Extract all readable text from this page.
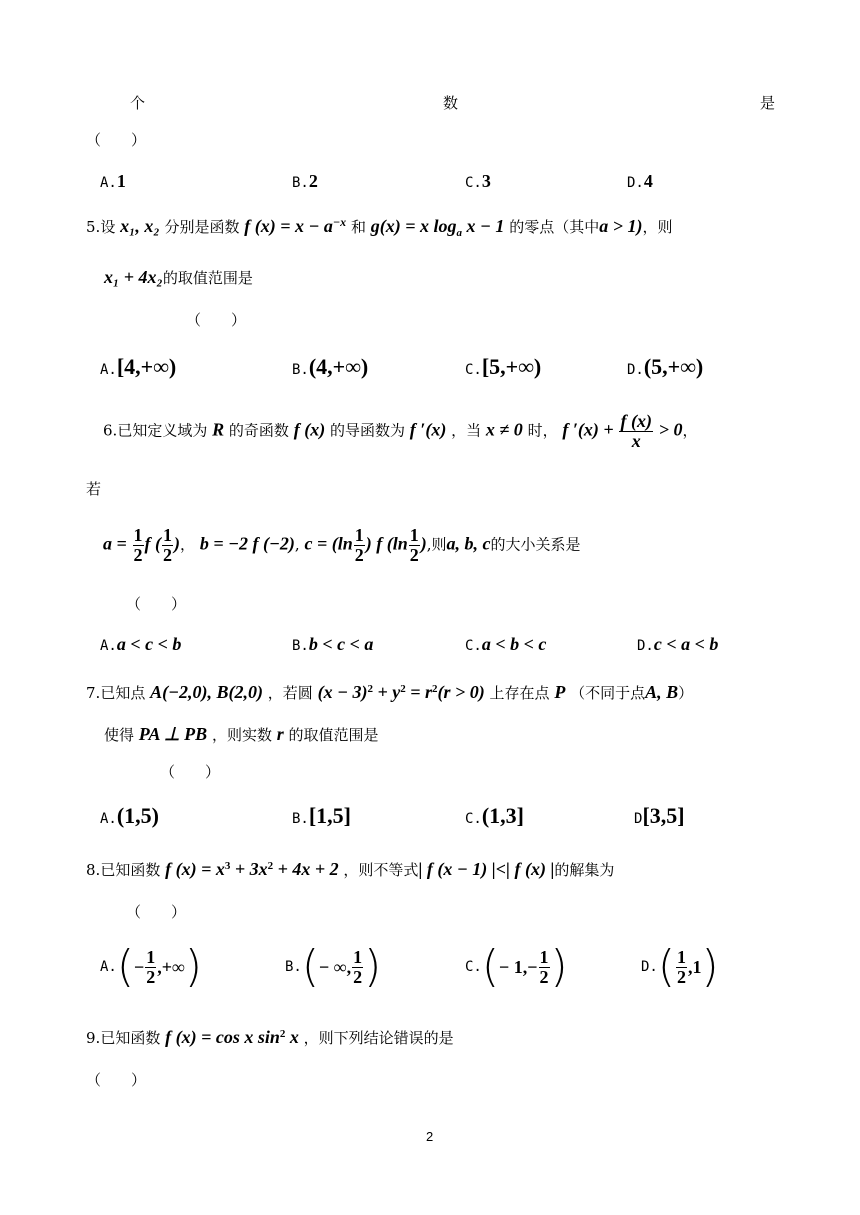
个	数	是
（　　）
A.1	B.2	C.3	D.4
5.设 x₁, x₂ 分别是函数 f $(x) = x - a^{-x}$ 和 g(x) = x $\log_a x - 1$ 的零点（其中a > 1)，则
x₁ + 4x₂的取值范围是
（　　）
A.[4,+∞)	B.(4,+∞)	C.[5,+∞)	D.(5,+∞)
6.已知定义域为 R 的奇函数 f (x) 的导函数为 f ′(x) ，当 x ≠ 0 时， f $'(x) + \frac{f (x)}{x} > 0$，
若
$a = \frac{1}{2}$ f ( $\frac{1}{2}$ )， b = −2 f (−2), $c = (\ln \frac{1}{2}$ ) f ($\ln \frac{1}{2}$ ),则a, b, c的大小关系是
（　　）
A.a < c < b	B.b < c < a	C.a < b < c	D.c < a < b
7.已知点 A(−2,0), B(2,0) ，若圆 $(x - 3)^2 + y^2 = r^2(r > 0)$ 上存在点 P （不同于点A, B）
使得 PA ⊥ PB ，则实数 r 的取值范围是
（　　）
A.(1,5)	B.[1,5]	C.(1,3]	D[3,5]
8.已知函数 f $(x) = x^3 + 3x^2 + 4x + 2$ ，则不等式| f (x − 1) |<| f (x) |的解集为
（　　）
A. ( − $\frac{1}{2}$ ,+∞ )	B. ( − ∞, $\frac{1}{2}$ )	C. ( − $1,- \frac{1}{2}$ )	D. ( $\frac{1}{2} ,1$ )
9.已知函数 f (x) = cos x $\sin^2 x$ ，则下列结论错误的是
（　　）
2
